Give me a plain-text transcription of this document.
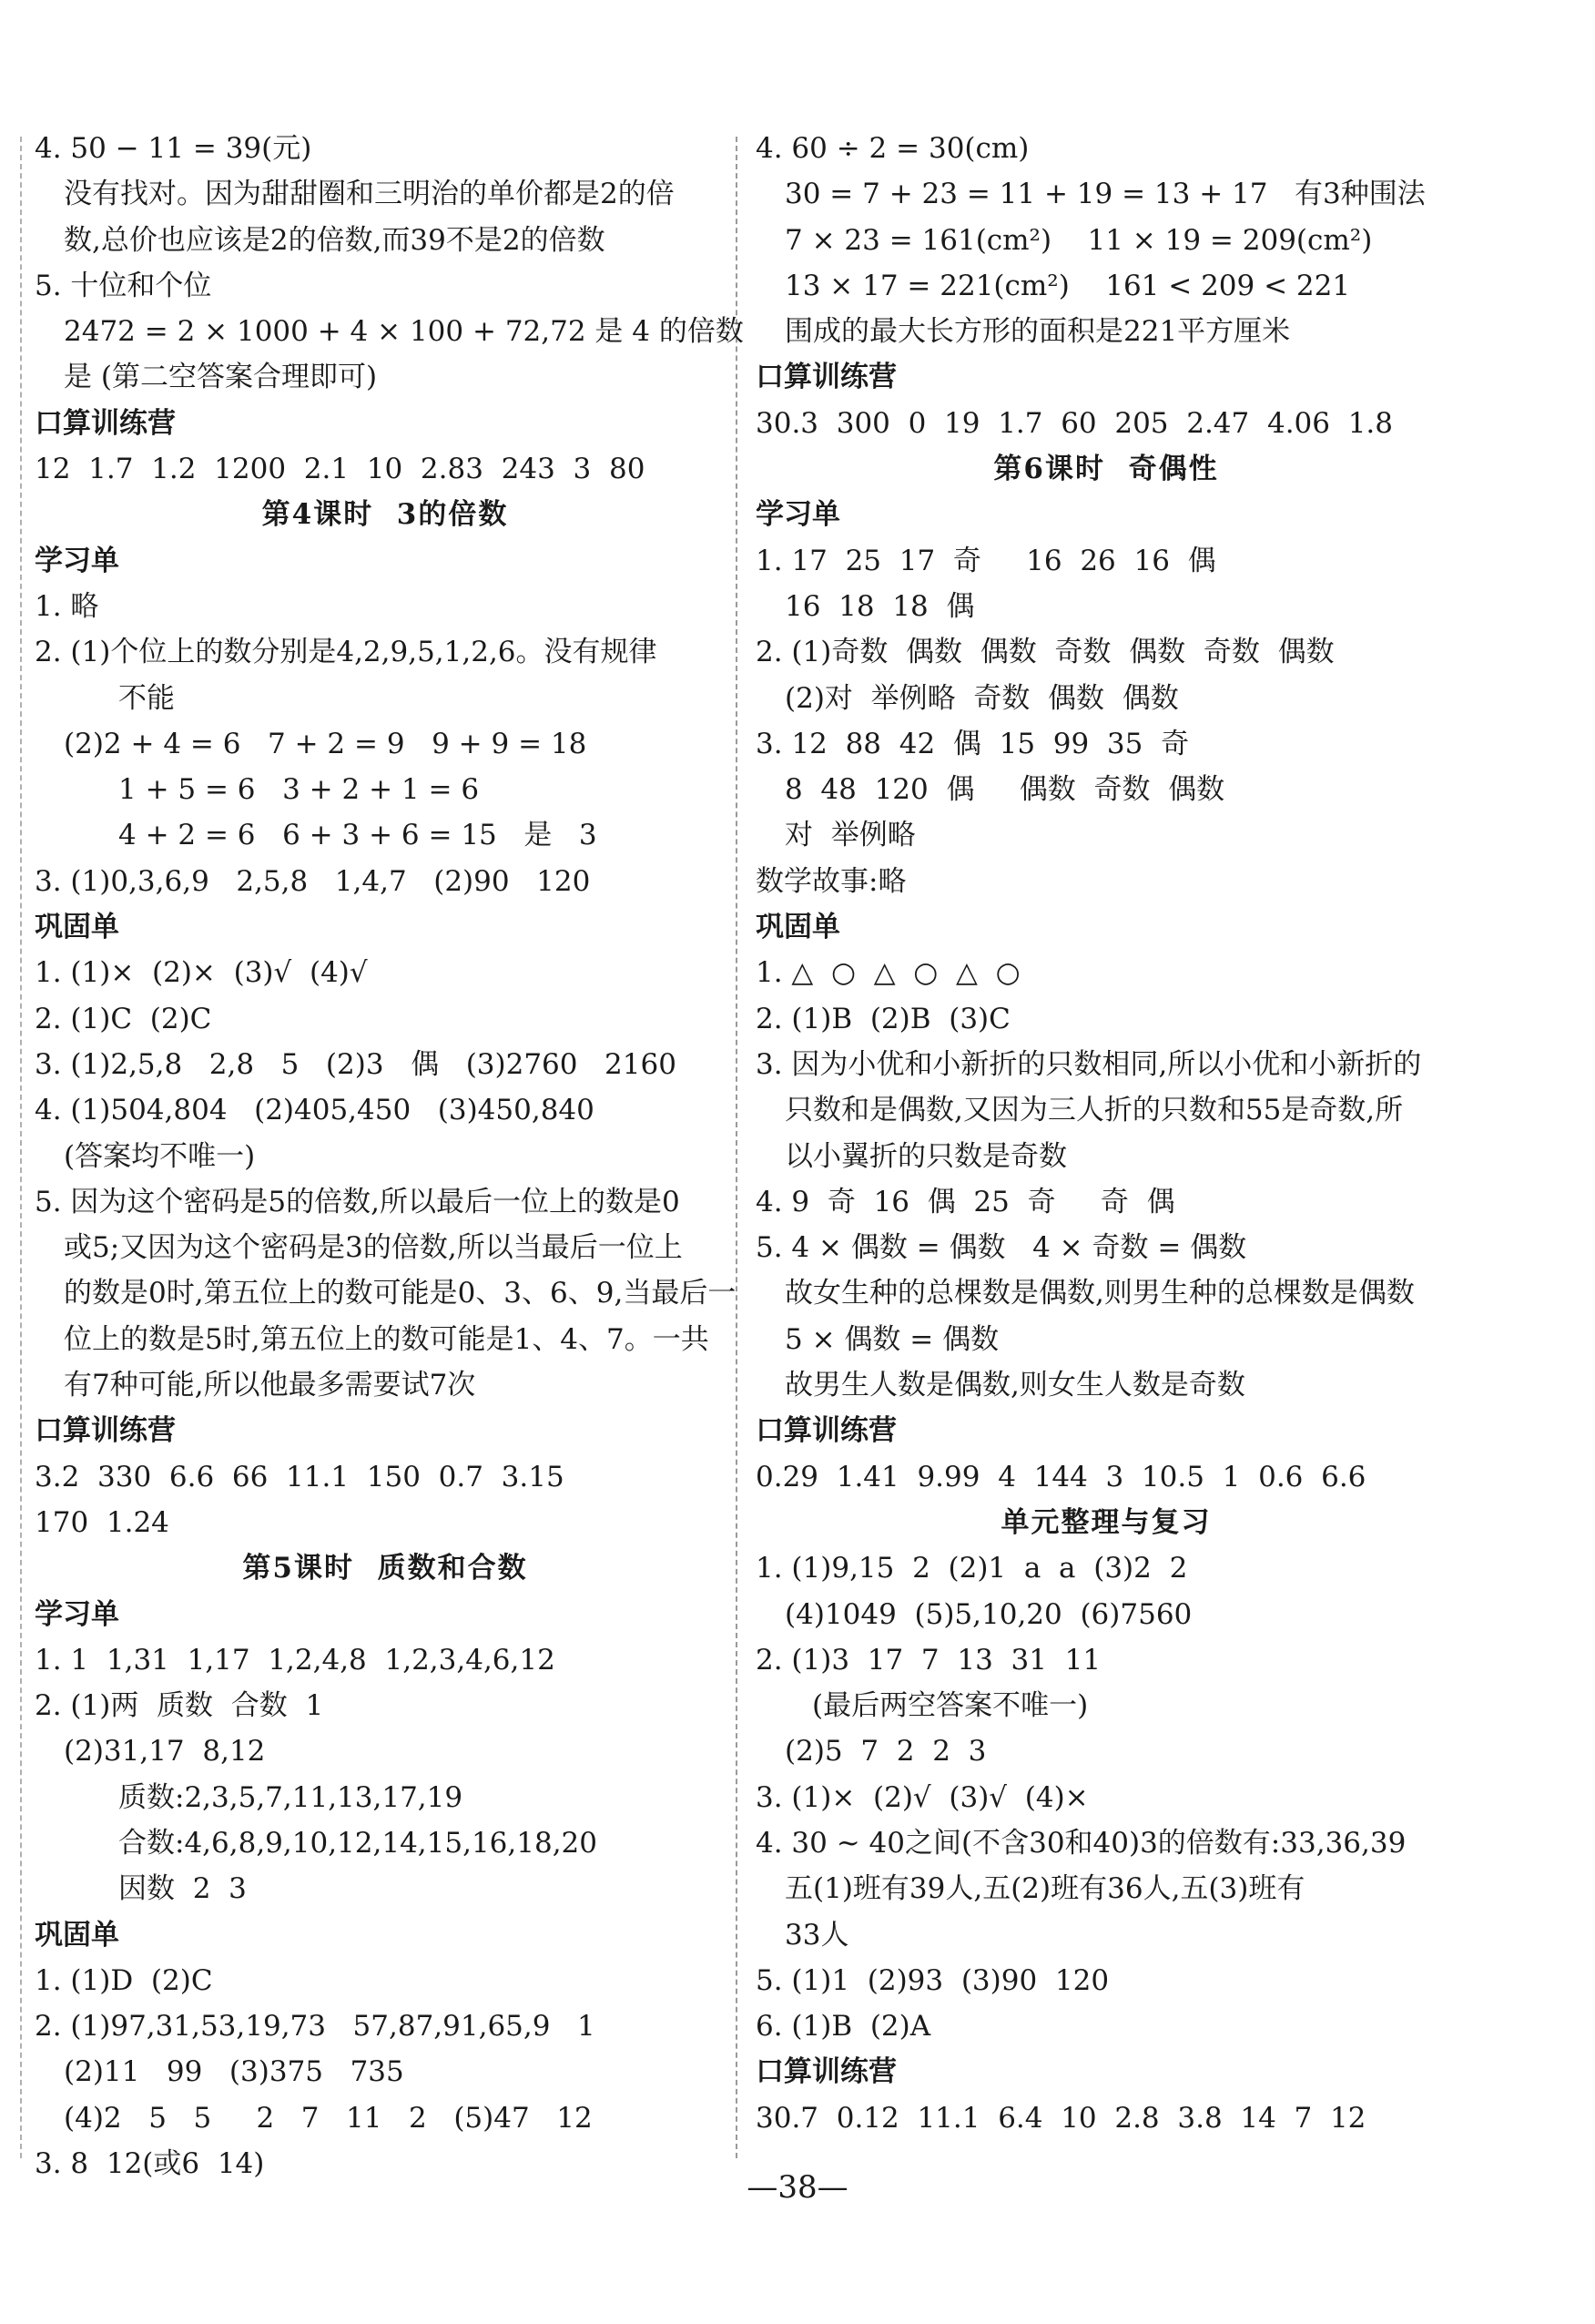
4. 50 − 11 = 39(元)
没有找对。因为甜甜圈和三明治的单价都是2的倍
数,总价也应该是2的倍数,而39不是2的倍数
5. 十位和个位
2472 = 2 × 1000 + 4 × 100 + 72,72 是 4 的倍数
是 (第二空答案合理即可)
口算训练营
12  1.7  1.2  1200  2.1  10  2.83  243  3  80
第4课时  3的倍数
学习单
1. 略
2. (1)个位上的数分别是4,2,9,5,1,2,6。没有规律
不能
(2)2 + 4 = 6   7 + 2 = 9   9 + 9 = 18
1 + 5 = 6   3 + 2 + 1 = 6
4 + 2 = 6   6 + 3 + 6 = 15   是   3
3. (1)0,3,6,9   2,5,8   1,4,7   (2)90   120
巩固单
1. (1)×  (2)×  (3)√  (4)√
2. (1)C  (2)C
3. (1)2,5,8   2,8   5   (2)3   偶   (3)2760   2160
4. (1)504,804   (2)405,450   (3)450,840
(答案均不唯一)
5. 因为这个密码是5的倍数,所以最后一位上的数是0
或5;又因为这个密码是3的倍数,所以当最后一位上
的数是0时,第五位上的数可能是0、3、6、9,当最后一
位上的数是5时,第五位上的数可能是1、4、7。一共
有7种可能,所以他最多需要试7次
口算训练营
3.2  330  6.6  66  11.1  150  0.7  3.15
170  1.24
第5课时  质数和合数
学习单
1. 1  1,31  1,17  1,2,4,8  1,2,3,4,6,12
2. (1)两  质数  合数  1
(2)31,17  8,12
质数:2,3,5,7,11,13,17,19
合数:4,6,8,9,10,12,14,15,16,18,20
因数  2  3
巩固单
1. (1)D  (2)C
2. (1)97,31,53,19,73   57,87,91,65,9   1
(2)11   99   (3)375   735
(4)2   5   5     2   7   11   2   (5)47   12
3. 8  12(或6  14)
4. 60 ÷ 2 = 30(cm)
30 = 7 + 23 = 11 + 19 = 13 + 17   有3种围法
7 × 23 = 161(cm²)    11 × 19 = 209(cm²)
13 × 17 = 221(cm²)    161 < 209 < 221
围成的最大长方形的面积是221平方厘米
口算训练营
30.3  300  0  19  1.7  60  205  2.47  4.06  1.8
第6课时  奇偶性
学习单
1. 17  25  17  奇     16  26  16  偶
16  18  18  偶
2. (1)奇数  偶数  偶数  奇数  偶数  奇数  偶数
(2)对  举例略  奇数  偶数  偶数
3. 12  88  42  偶  15  99  35  奇
8  48  120  偶     偶数  奇数  偶数
对  举例略
数学故事:略
巩固单
1. △  ○  △  ○  △  ○
2. (1)B  (2)B  (3)C
3. 因为小优和小新折的只数相同,所以小优和小新折的
只数和是偶数,又因为三人折的只数和55是奇数,所
以小翼折的只数是奇数
4. 9  奇  16  偶  25  奇     奇  偶
5. 4 × 偶数 = 偶数   4 × 奇数 = 偶数
故女生种的总棵数是偶数,则男生种的总棵数是偶数
5 × 偶数 = 偶数
故男生人数是偶数,则女生人数是奇数
口算训练营
0.29  1.41  9.99  4  144  3  10.5  1  0.6  6.6
单元整理与复习
1. (1)9,15  2  (2)1  a  a  (3)2  2
(4)1049  (5)5,10,20  (6)7560
2. (1)3  17  7  13  31  11
(最后两空答案不唯一)
(2)5  7  2  2  3
3. (1)×  (2)√  (3)√  (4)×
4. 30 ~ 40之间(不含30和40)3的倍数有:33,36,39
五(1)班有39人,五(2)班有36人,五(3)班有
33人
5. (1)1  (2)93  (3)90  120
6. (1)B  (2)A
口算训练营
30.7  0.12  11.1  6.4  10  2.8  3.8  14  7  12
—38—
